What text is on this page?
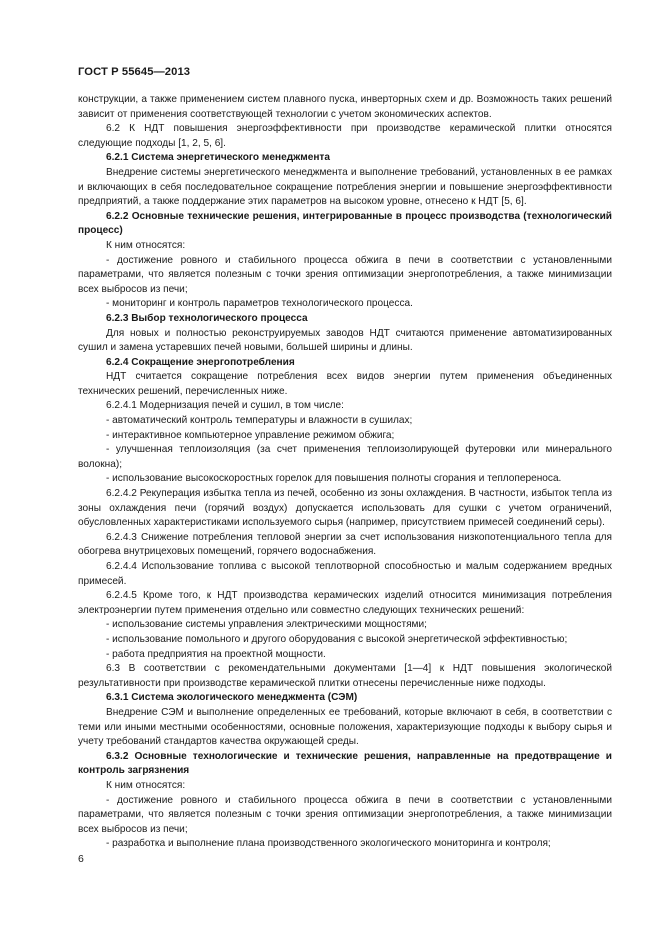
ГОСТ Р 55645—2013

конструкции, а также применением систем плавного пуска, инверторных схем и др. Возможность таких решений зависит от применения соответствующей технологии с учетом экономических аспектов.

6.2 К НДТ повышения энергоэффективности при производстве керамической плитки относятся следующие подходы [1, 2, 5, 6].

6.2.1 Система энергетического менеджмента

Внедрение системы энергетического менеджмента и выполнение требований, установленных в ее рамках и включающих в себя последовательное сокращение потребления энергии и повышение энергоэффективности предприятий, а также поддержание этих параметров на высоком уровне, отнесено к НДТ [5, 6].

6.2.2 Основные технические решения, интегрированные в процесс производства (технологический процесс)

К ним относятся:

- достижение ровного и стабильного процесса обжига в печи в соответствии с установленными параметрами, что является полезным с точки зрения оптимизации энергопотребления, а также минимизации всех выбросов из печи;

- мониторинг и контроль параметров технологического процесса.

6.2.3 Выбор технологического процесса

Для новых и полностью реконструируемых заводов НДТ считаются применение автоматизированных сушил и замена устаревших печей новыми, большей ширины и длины.

6.2.4 Сокращение энергопотребления

НДТ считается сокращение потребления всех видов энергии путем применения объединенных технических решений, перечисленных ниже.

6.2.4.1 Модернизация печей и сушил, в том числе:

- автоматический контроль температуры и влажности в сушилах;

- интерактивное компьютерное управление режимом обжига;

- улучшенная теплоизоляция (за счет применения теплоизолирующей футеровки или минерального волокна);

- использование высокоскоростных горелок для повышения полноты сгорания и теплопереноса.

6.2.4.2 Рекуперация избытка тепла из печей, особенно из зоны охлаждения. В частности, избыток тепла из зоны охлаждения печи (горячий воздух) допускается использовать для сушки с учетом ограничений, обусловленных характеристиками используемого сырья (например, присутствием примесей соединений серы).

6.2.4.3 Снижение потребления тепловой энергии за счет использования низкопотенциального тепла для обогрева внутрицеховых помещений, горячего водоснабжения.

6.2.4.4 Использование топлива с высокой теплотворной способностью и малым содержанием вредных примесей.

6.2.4.5 Кроме того, к НДТ производства керамических изделий относится минимизация потребления электроэнергии путем применения отдельно или совместно следующих технических решений:

- использование системы управления электрическими мощностями;

- использование помольного и другого оборудования с высокой энергетической эффективностью;

- работа предприятия на проектной мощности.

6.3 В соответствии с рекомендательными документами [1—4] к НДТ повышения экологической результативности при производстве керамической плитки отнесены перечисленные ниже подходы.

6.3.1 Система экологического менеджмента (СЭМ)

Внедрение СЭМ и выполнение определенных ее требований, которые включают в себя, в соответствии с теми или иными местными особенностями, основные положения, характеризующие подходы к выбору сырья и учету требований стандартов качества окружающей среды.

6.3.2 Основные технологические и технические решения, направленные на предотвращение и контроль загрязнения

К ним относятся:

- достижение ровного и стабильного процесса обжига в печи в соответствии с установленными параметрами, что является полезным с точки зрения оптимизации энергопотребления, а также минимизации всех выбросов из печи;

- разработка и выполнение плана производственного экологического мониторинга и контроля;

6
